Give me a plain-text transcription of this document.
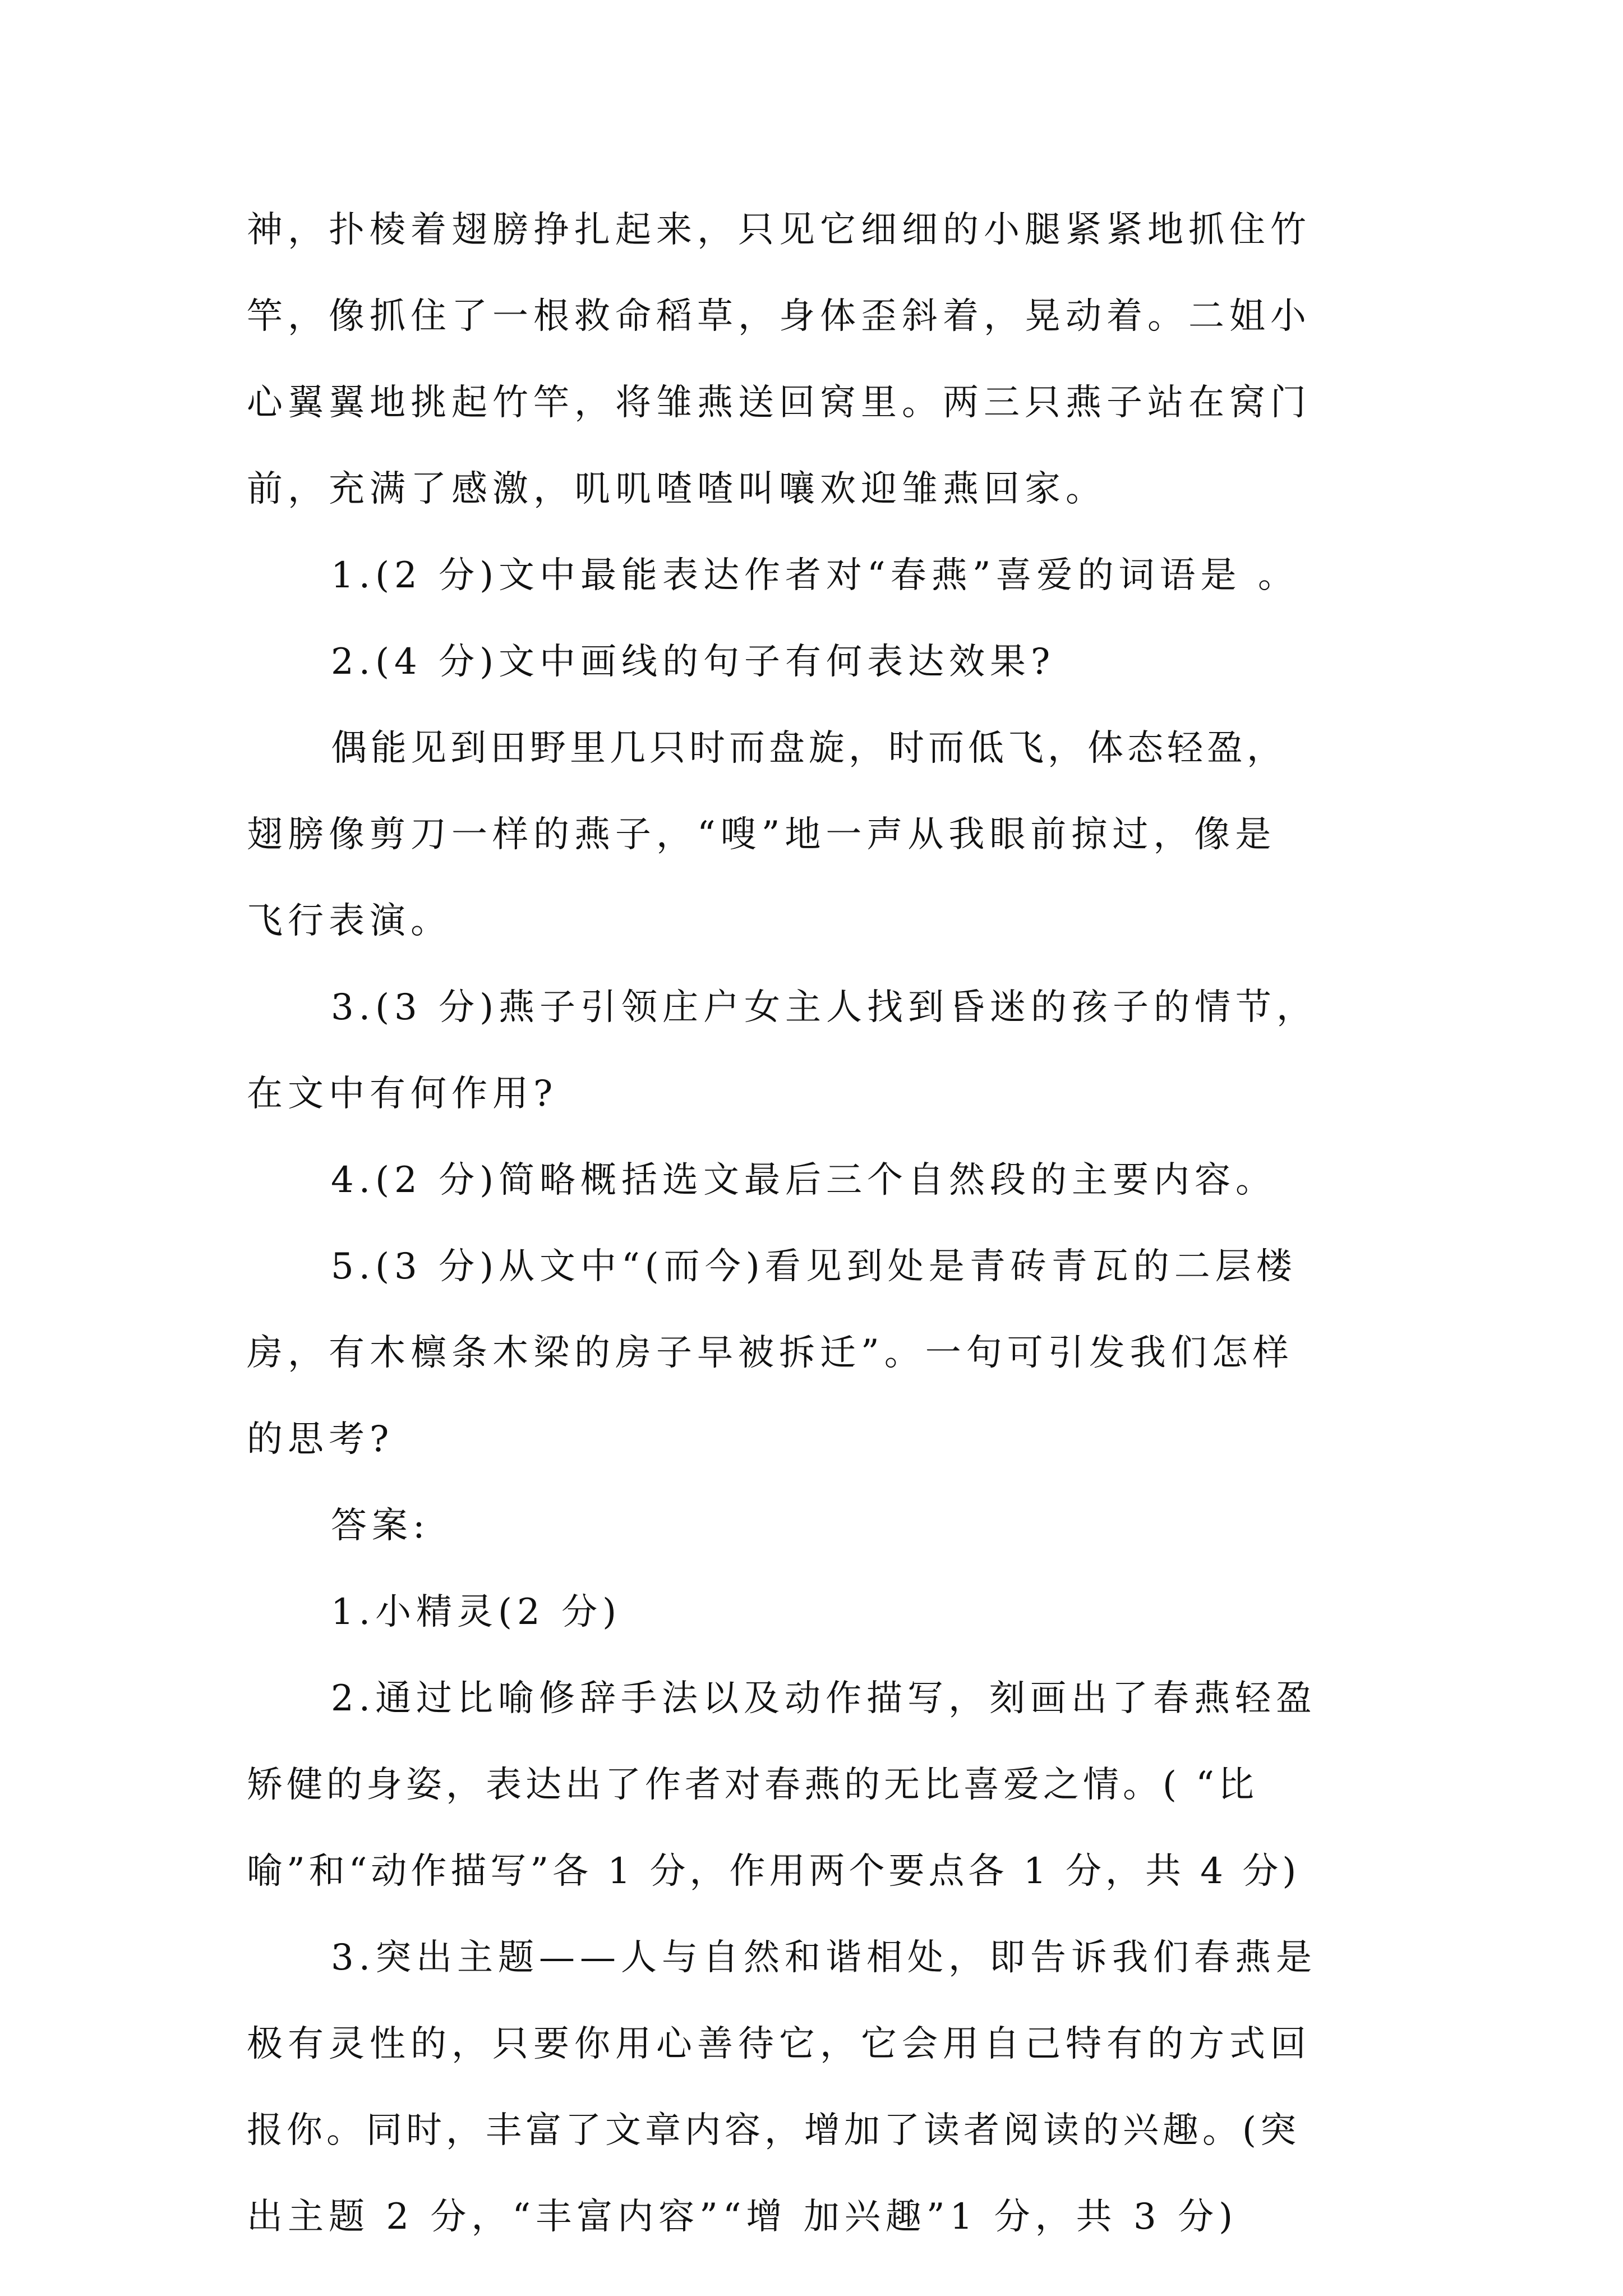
神，扑棱着翅膀挣扎起来，只见它细细的小腿紧紧地抓住竹
竿，像抓住了一根救命稻草，身体歪斜着，晃动着。二姐小
心翼翼地挑起竹竿，将雏燕送回窝里。两三只燕子站在窝门
前，充满了感激，叽叽喳喳叫嚷欢迎雏燕回家。
1.(2 分)文中最能表达作者对“春燕”喜爱的词语是 。
2.(4 分)文中画线的句子有何表达效果?
偶能见到田野里几只时而盘旋，时而低飞，体态轻盈，
翅膀像剪刀一样的燕子，“嗖”地一声从我眼前掠过，像是
飞行表演。
3.(3 分)燕子引领庄户女主人找到昏迷的孩子的情节，
在文中有何作用?
4.(2 分)简略概括选文最后三个自然段的主要内容。
5.(3 分)从文中“(而今)看见到处是青砖青瓦的二层楼
房，有木檩条木梁的房子早被拆迁”。一句可引发我们怎样
的思考?
答案:
1.小精灵(2 分)
2.通过比喻修辞手法以及动作描写，刻画出了春燕轻盈
矫健的身姿，表达出了作者对春燕的无比喜爱之情。( “比
喻”和“动作描写”各 1 分，作用两个要点各 1 分，共 4 分)
3.突出主题——人与自然和谐相处，即告诉我们春燕是
极有灵性的，只要你用心善待它，它会用自己特有的方式回
报你。同时，丰富了文章内容，增加了读者阅读的兴趣。(突
出主题 2 分，“丰富内容”“增 加兴趣”1 分，共 3 分)
